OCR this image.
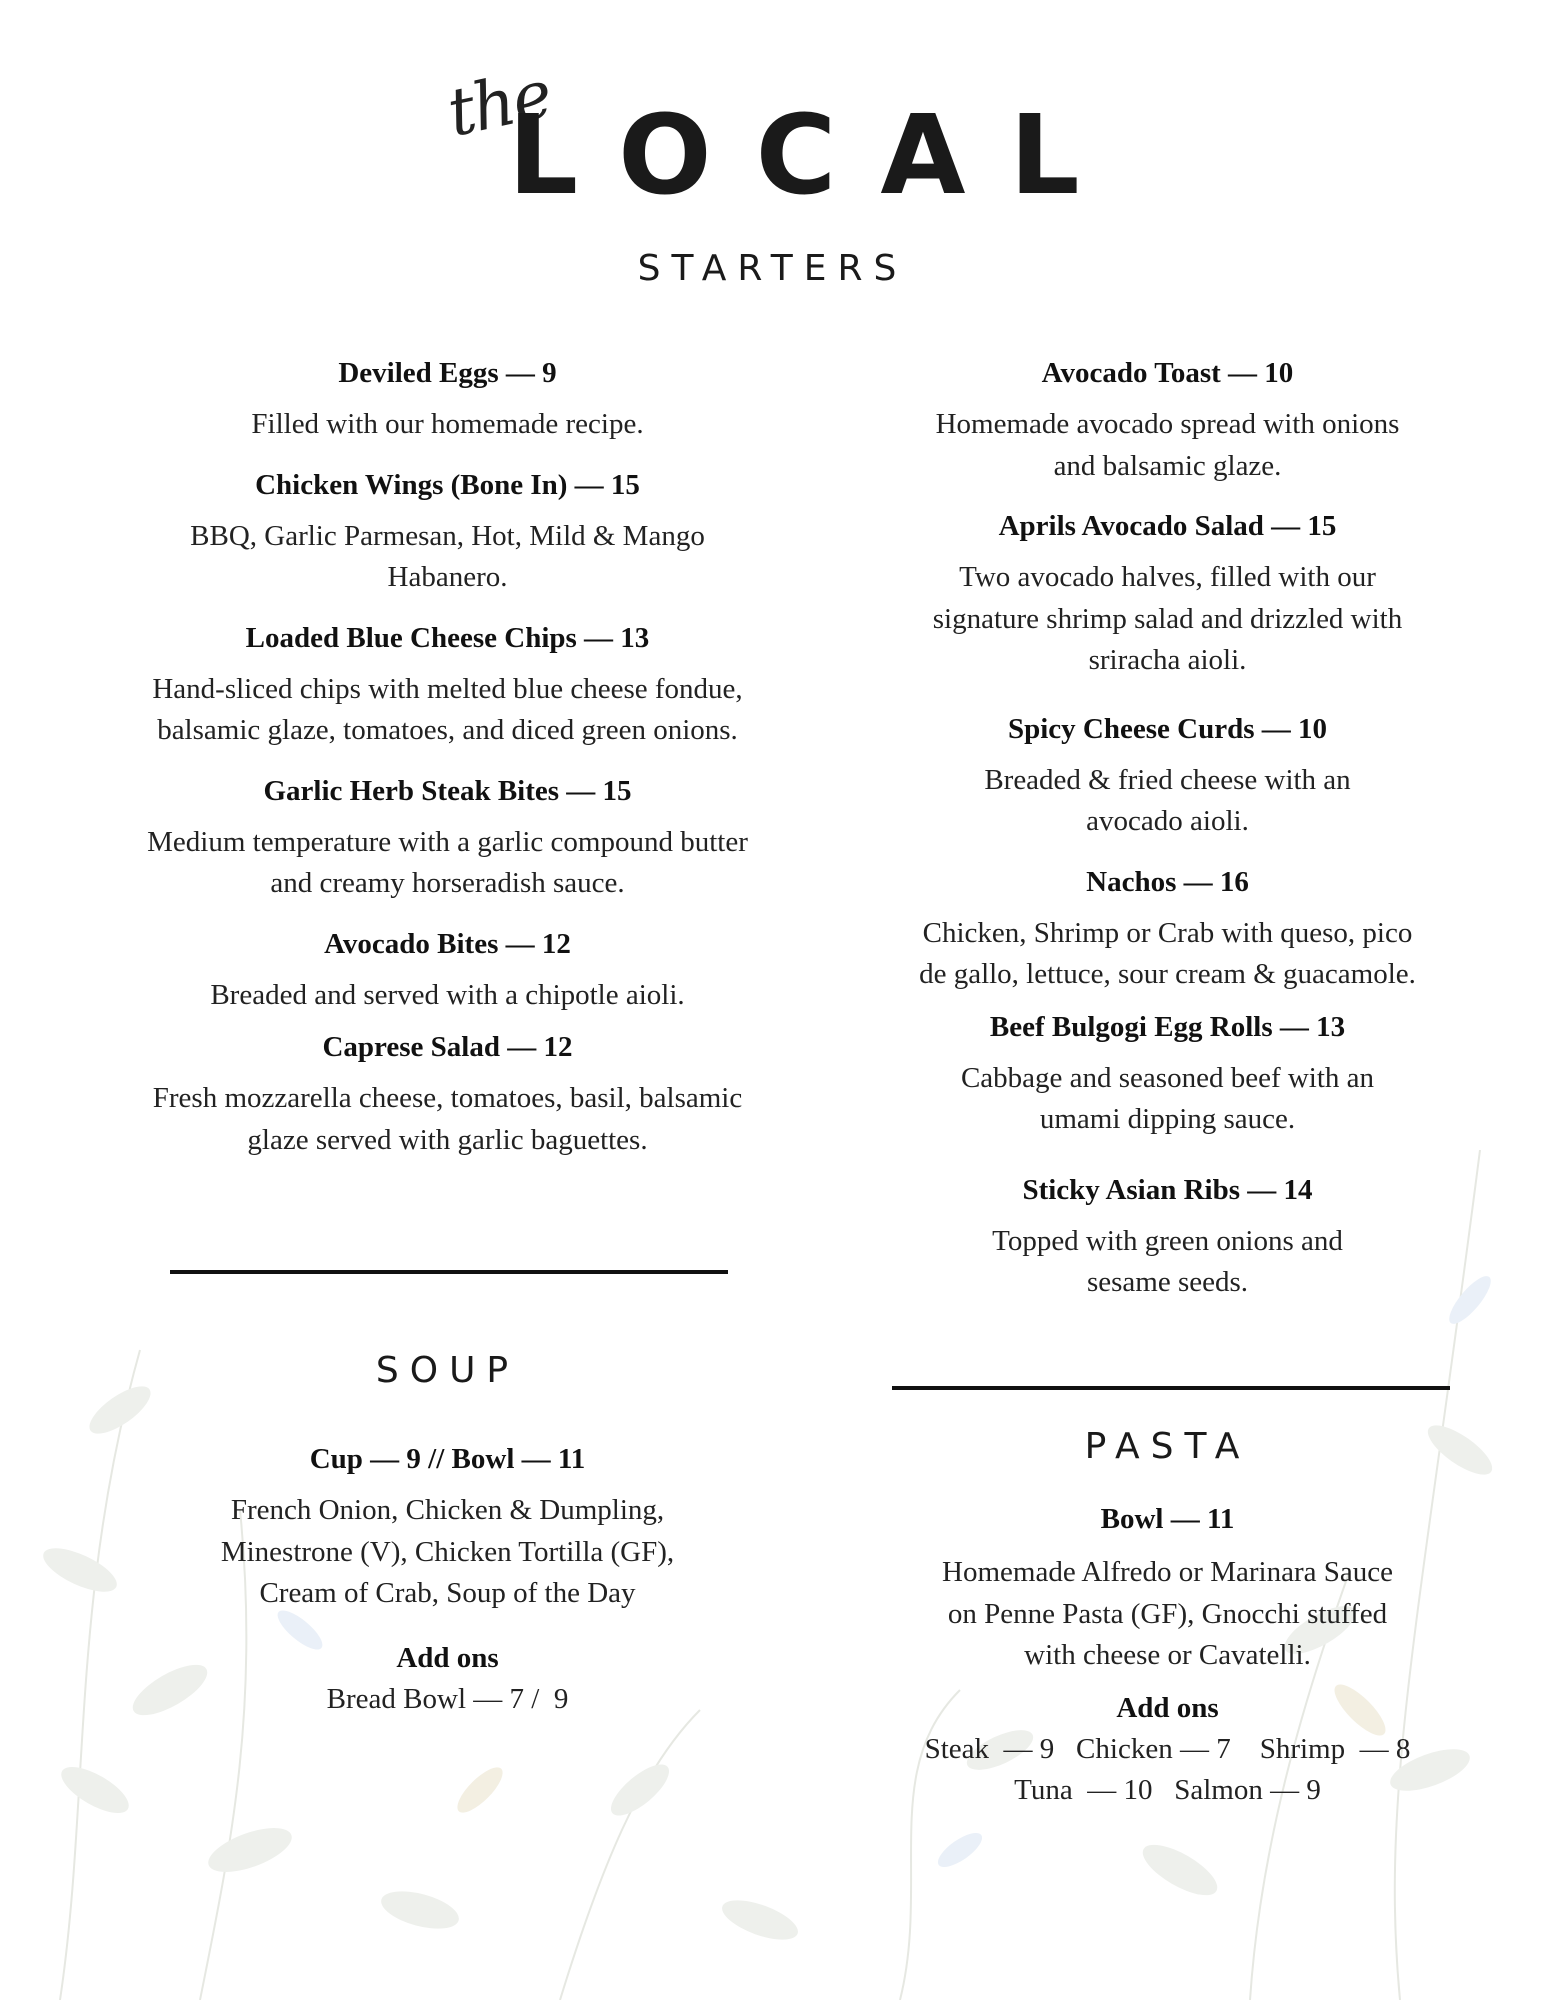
the
LOCAL
STARTERS
Deviled Eggs — 9
Filled with our homemade recipe.
Chicken Wings (Bone In) — 15
BBQ, Garlic Parmesan, Hot, Mild & Mango Habanero.
Loaded Blue Cheese Chips — 13
Hand-sliced chips with melted blue cheese fondue, balsamic glaze, tomatoes, and diced green onions.
Garlic Herb Steak Bites — 15
Medium temperature with a garlic compound butter and creamy horseradish sauce.
Avocado Bites — 12
Breaded and served with a chipotle aioli.
Caprese Salad — 12
Fresh mozzarella cheese, tomatoes, basil, balsamic glaze served with garlic baguettes.
SOUP
Cup — 9 // Bowl — 11
French Onion, Chicken & Dumpling, Minestrone (V), Chicken Tortilla (GF), Cream of Crab, Soup of the Day
Add ons
Bread Bowl — 7 /  9
Avocado Toast — 10
Homemade avocado spread with onions and balsamic glaze.
Aprils Avocado Salad — 15
Two avocado halves, filled with our signature shrimp salad and drizzled with sriracha aioli.
Spicy Cheese Curds — 10
Breaded & fried cheese with an avocado aioli.
Nachos — 16
Chicken, Shrimp or Crab with queso, pico de gallo, lettuce, sour cream & guacamole.
Beef Bulgogi Egg Rolls — 13
Cabbage and seasoned beef with an umami dipping sauce.
Sticky Asian Ribs — 14
Topped with green onions and sesame seeds.
PASTA
Bowl — 11
Homemade Alfredo or Marinara Sauce on Penne Pasta (GF), Gnocchi stuffed with cheese or Cavatelli.
Add ons
Steak  — 9   Chicken — 7    Shrimp  — 8
Tuna  — 10   Salmon — 9
